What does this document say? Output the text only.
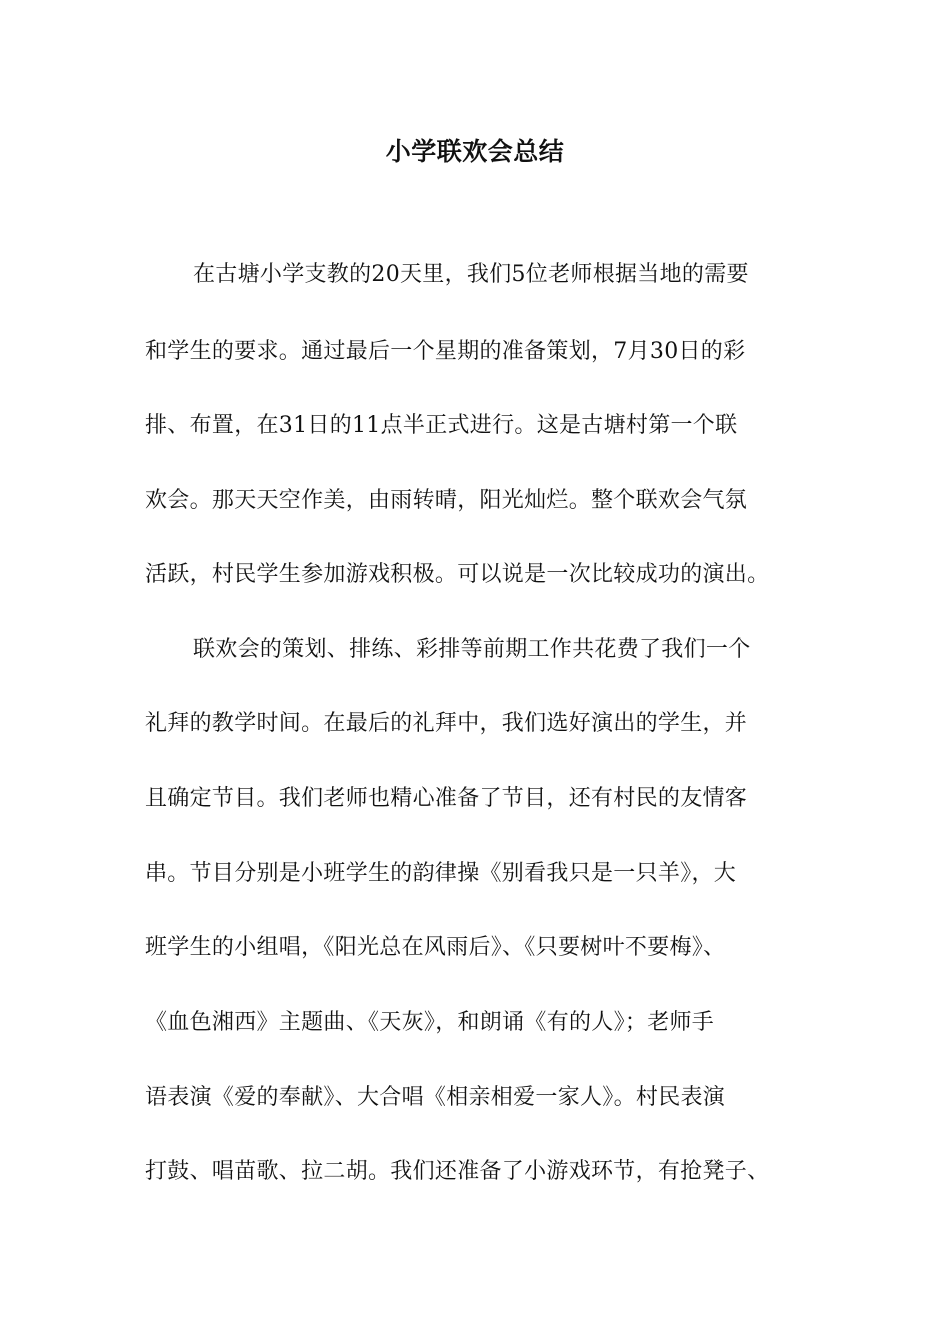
小学联欢会总结
在古塘小学支教的20天里，我们5位老师根据当地的需要
和学生的要求。通过最后一个星期的准备策划，7月30日的彩
排、布置，在31日的11点半正式进行。这是古塘村第一个联
欢会。那天天空作美，由雨转晴，阳光灿烂。整个联欢会气氛
活跃，村民学生参加游戏积极。可以说是一次比较成功的演出。
联欢会的策划、排练、彩排等前期工作共花费了我们一个
礼拜的教学时间。在最后的礼拜中，我们选好演出的学生，并
且确定节目。我们老师也精心准备了节目，还有村民的友情客
串。节目分别是小班学生的韵律操《别看我只是一只羊》，大
班学生的小组唱，《阳光总在风雨后》、《只要树叶不要梅》、
《血色湘西》主题曲、《天灰》，和朗诵《有的人》；老师手
语表演《爱的奉献》、大合唱《相亲相爱一家人》。村民表演
打鼓、唱苗歌、拉二胡。我们还准备了小游戏环节，有抢凳子、
